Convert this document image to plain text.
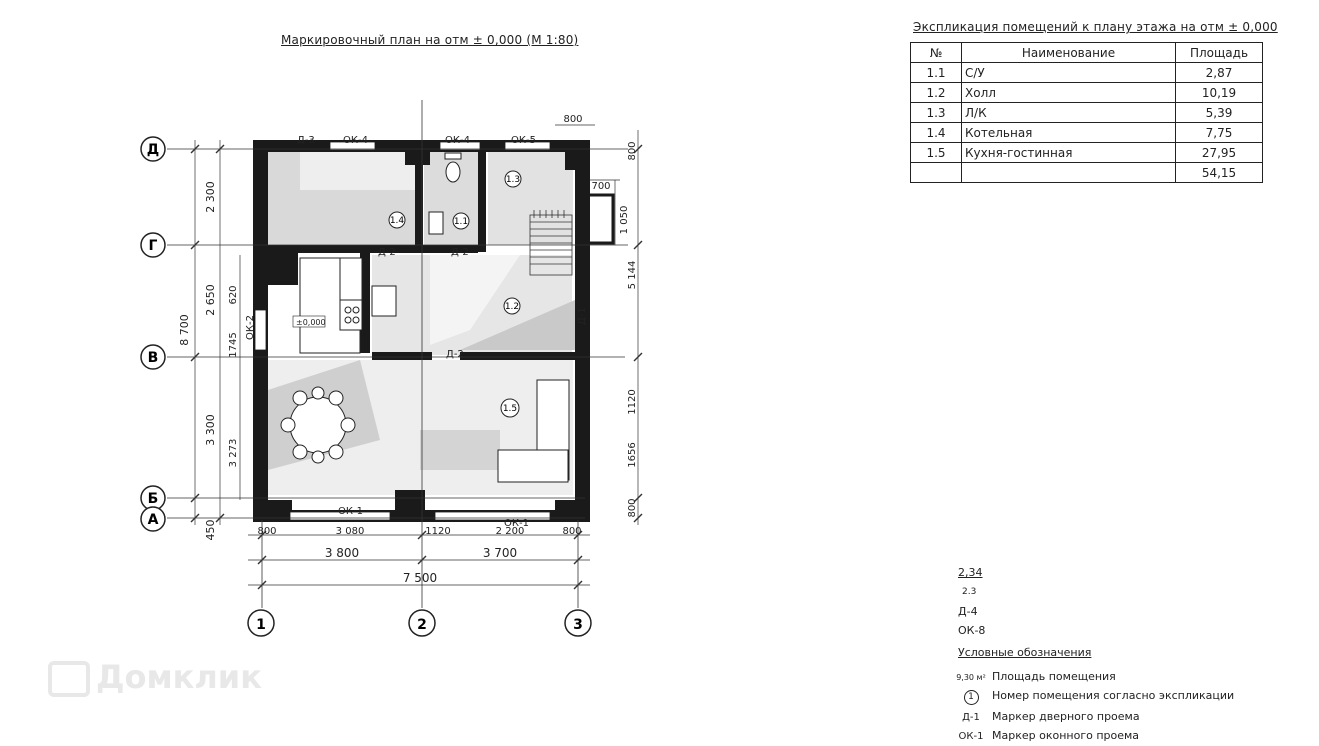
1.4	1.1
1.3
1.2
1.5
Д-3	ОК-4	ОК-4	ОК-5
Д-2	Д-2
Д-2
Д-1
ОК-2
ОК-1
ОК-1
±0,000
2 300
2 650
3 300
450
8 700
620
1745
3 273
800
800
700
1 050
5 144
1120
1656
800
800	3 080	1120	2 200	800
3 800	3 700
7 500
Д
Г
В
Б
А
1	2	3
Маркировочный план на отм ± 0,000 (М 1:80)
Экспликация помещений к плану этажа на отм ± 0,000
№	Наименование	Площадь
1.1	С/У	2,87
1.2	Холл	10,19
1.3	Л/К	5,39
1.4	Котельная	7,75
1.5	Кухня-гостинная	27,95
		54,15
2,34
2.3
Д-4
ОК-8
Условные обозначения
9,30 м² Площадь помещения
1 Номер помещения согласно экспликации
Д-1 Маркер дверного проема
ОК-1 Маркер оконного проема
Домклик
